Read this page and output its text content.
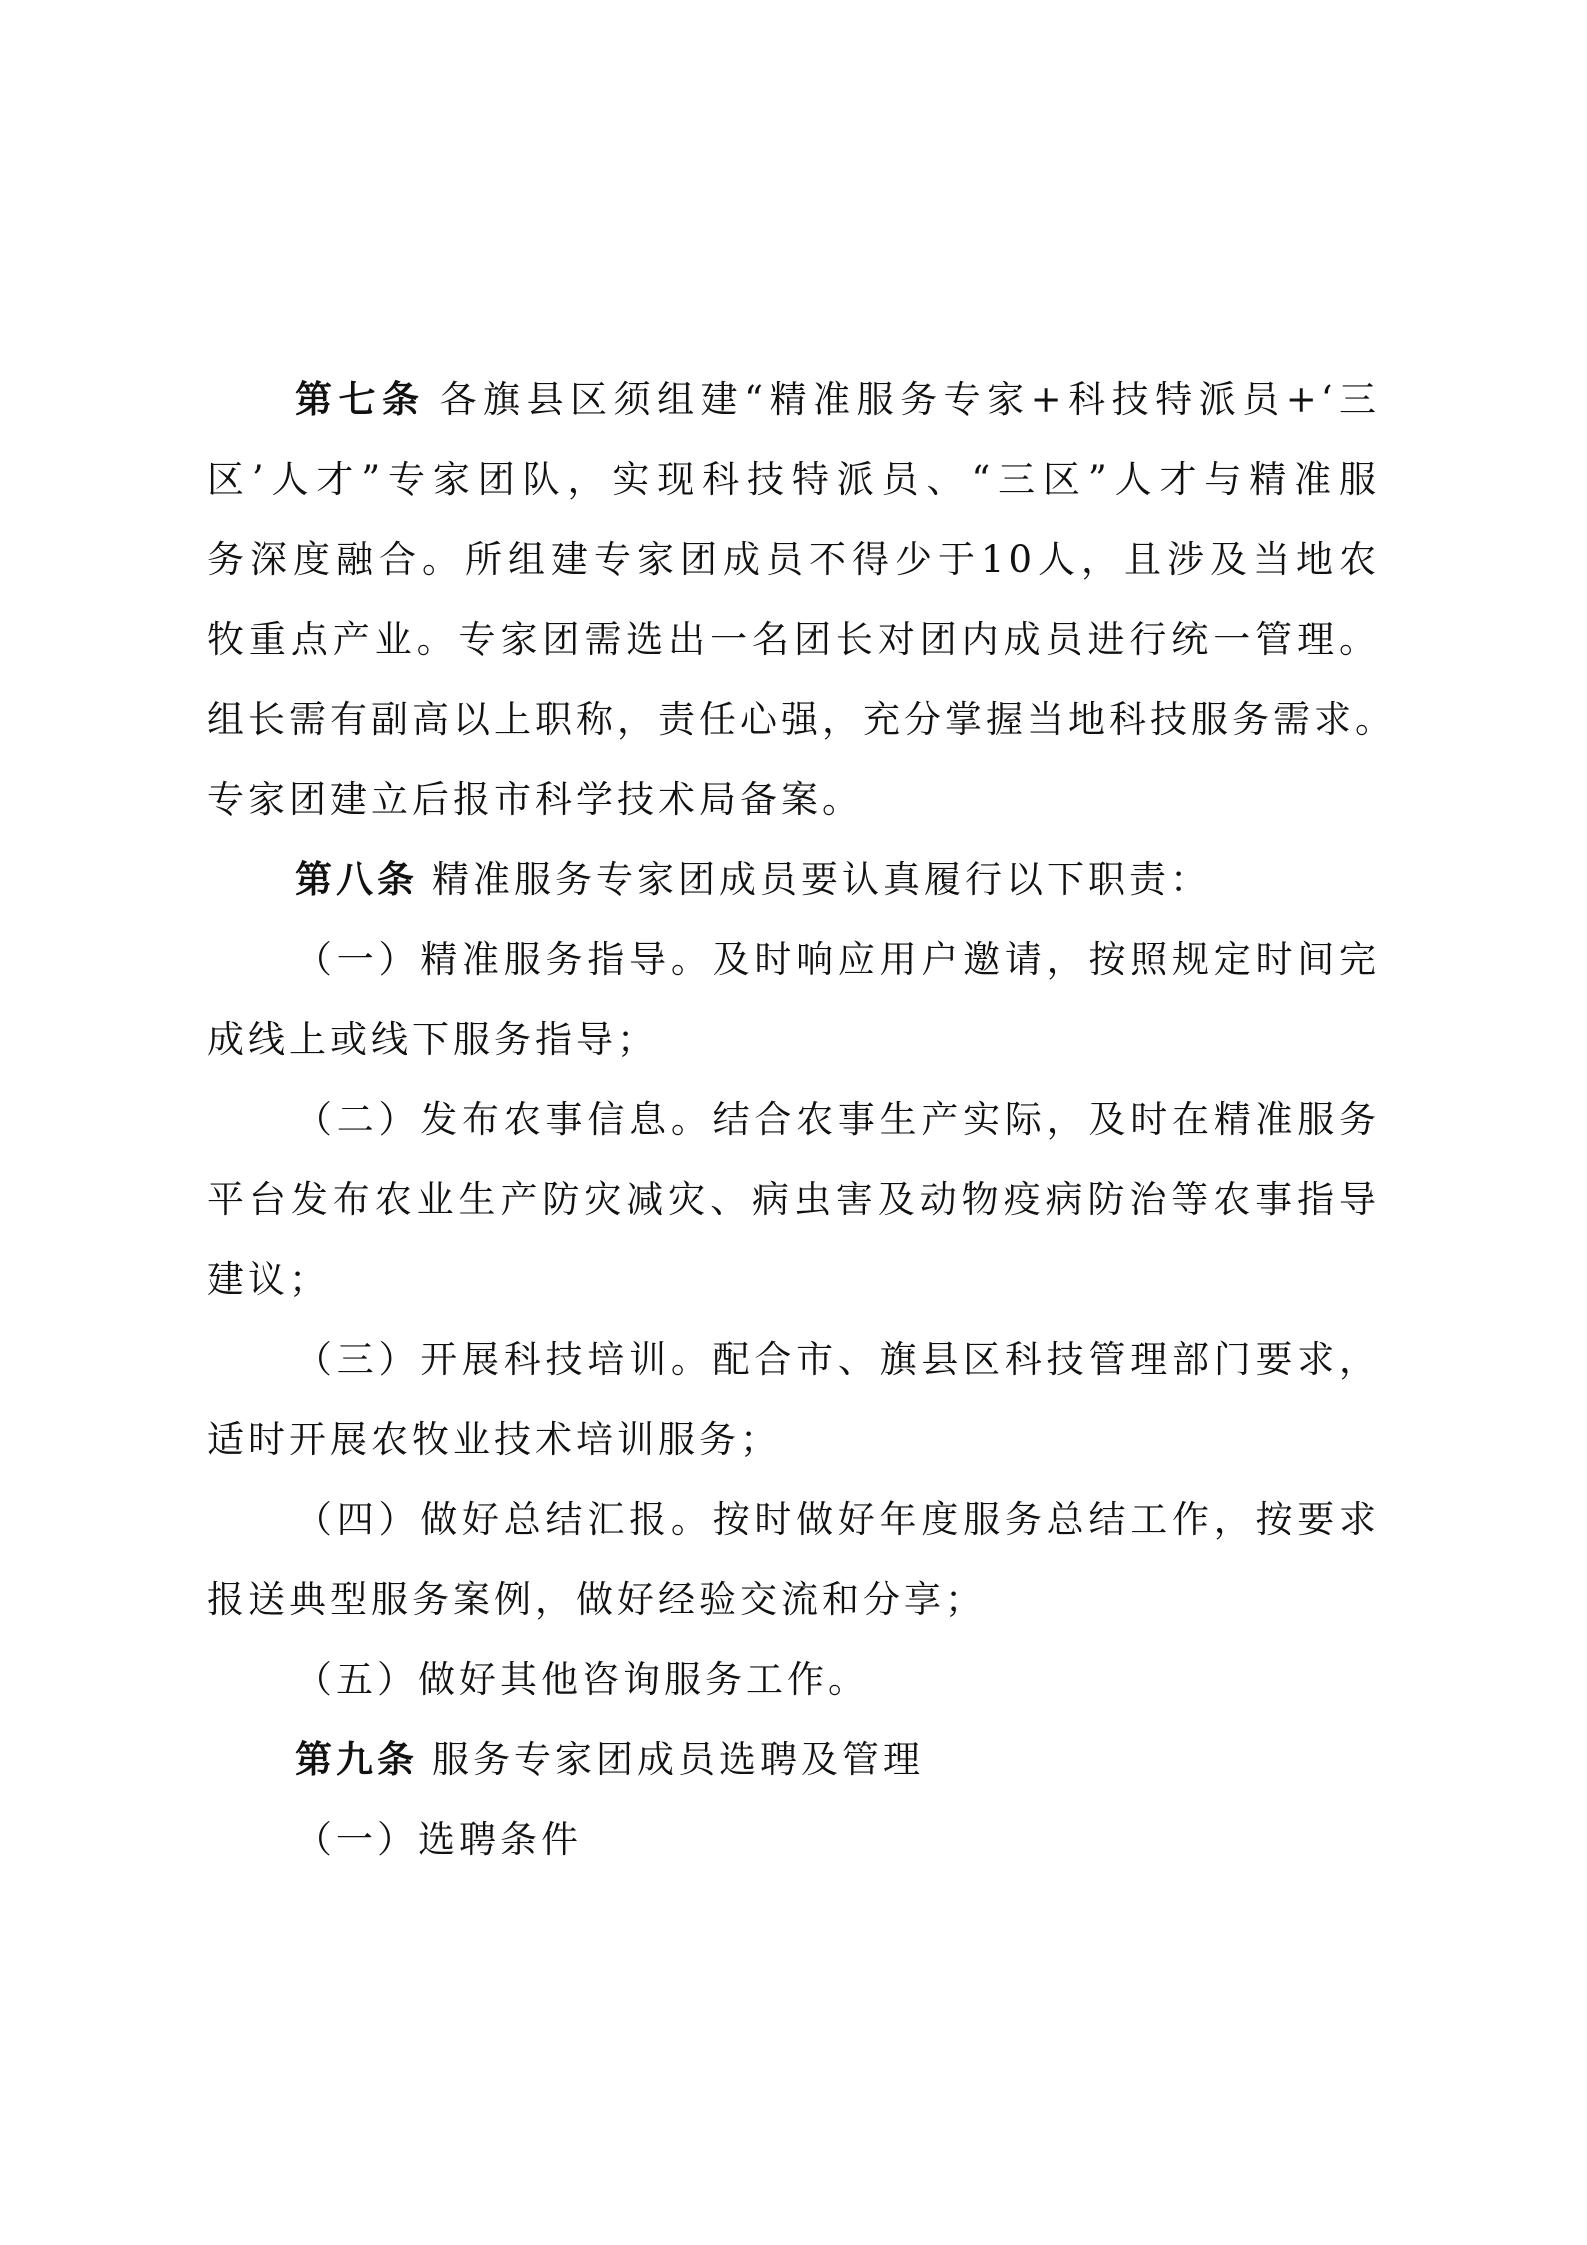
第七条 各旗县区须组建“精准服务专家+科技特派员+‘三
区’人才”专家团队，实现科技特派员、“三区”人才与精准服
务深度融合。所组建专家团成员不得少于10人，且涉及当地农
牧重点产业。专家团需选出一名团长对团内成员进行统一管理。
组长需有副高以上职称，责任心强，充分掌握当地科技服务需求。
专家团建立后报市科学技术局备案。
第八条 精准服务专家团成员要认真履行以下职责：
（一）精准服务指导。及时响应用户邀请，按照规定时间完
成线上或线下服务指导；
（二）发布农事信息。结合农事生产实际，及时在精准服务
平台发布农业生产防灾减灾、病虫害及动物疫病防治等农事指导
建议；
（三）开展科技培训。配合市、旗县区科技管理部门要求，
适时开展农牧业技术培训服务；
（四）做好总结汇报。按时做好年度服务总结工作，按要求
报送典型服务案例，做好经验交流和分享；
（五）做好其他咨询服务工作。
第九条 服务专家团成员选聘及管理
（一）选聘条件
